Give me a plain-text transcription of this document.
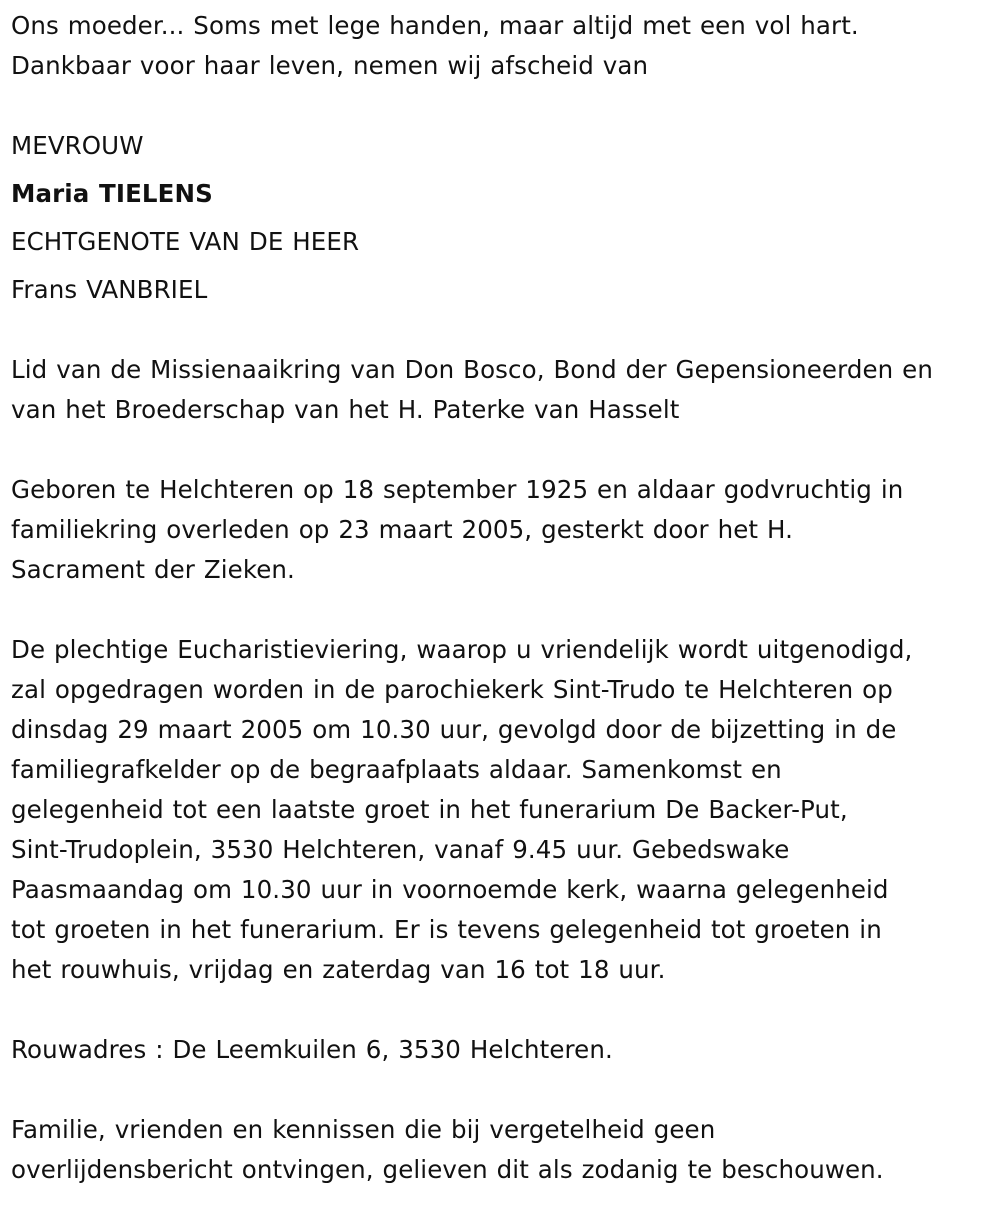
Ons moeder... Soms met lege handen, maar altijd met een vol hart.
Dankbaar voor haar leven, nemen wij afscheid van
MEVROUW
Maria TIELENS
ECHTGENOTE VAN DE HEER
Frans VANBRIEL
Lid van de Missienaaikring van Don Bosco, Bond der Gepensioneerden en
van het Broederschap van het H. Paterke van Hasselt
Geboren te Helchteren op 18 september 1925 en aldaar godvruchtig in
familiekring overleden op 23 maart 2005, gesterkt door het H.
Sacrament der Zieken.
De plechtige Eucharistieviering, waarop u vriendelijk wordt uitgenodigd,
zal opgedragen worden in de parochiekerk Sint-Trudo te Helchteren op
dinsdag 29 maart 2005 om 10.30 uur, gevolgd door de bijzetting in de
familiegrafkelder op de begraafplaats aldaar. Samenkomst en
gelegenheid tot een laatste groet in het funerarium De Backer-Put,
Sint-Trudoplein, 3530 Helchteren, vanaf 9.45 uur. Gebedswake
Paasmaandag om 10.30 uur in voornoemde kerk, waarna gelegenheid
tot groeten in het funerarium. Er is tevens gelegenheid tot groeten in
het rouwhuis, vrijdag en zaterdag van 16 tot 18 uur.
Rouwadres : De Leemkuilen 6, 3530 Helchteren.
Familie, vrienden en kennissen die bij vergetelheid geen
overlijdensbericht ontvingen, gelieven dit als zodanig te beschouwen.
